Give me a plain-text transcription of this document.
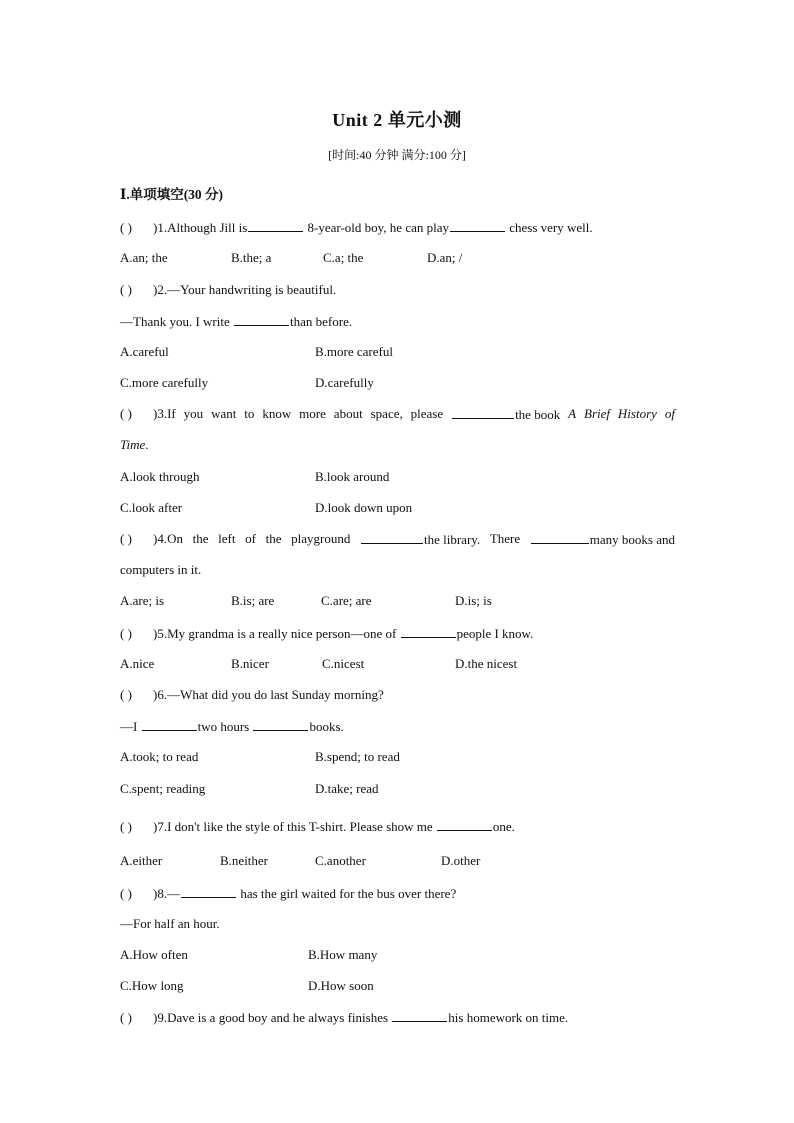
Unit 2 单元小测
[时间:40 分钟 满分:100 分]
Ⅰ.单项填空(30 分)
( ) )1.Although Jill is	8-year-old boy, he can play	chess very well.
A.an; the	B.the; a	C.a; the	D.an; /
( ) )2.—Your handwriting is beautiful.
—Thank you. I write	than before.
A.careful	B.more careful
C.more carefully	D.carefully
( ) )3.If you want to know more about space, please	the book A Brief History of
Time.
A.look through	B.look around
C.look after	D.look down upon
( ) )4.On the left of the playground	the library. There	many books and
computers in it.
A.are; is	B.is; are	C.are; are	D.is; is
( ) )5.My grandma is a really nice person—one of	people I know.
A.nice	B.nicer	C.nicest	D.the nicest
( ) )6.—What did you do last Sunday morning?
—I	two hours	books.
A.took; to read	B.spend; to read
C.spent; reading	D.take; read
( ) )7.I don't like the style of this T-shirt. Please show me	one.
A.either	B.neither	C.another	D.other
( ) )8.—	has the girl waited for the bus over there?
—For half an hour.
A.How often	B.How many
C.How long	D.How soon
( ) )9.Dave is a good boy and he always finishes	his homework on time.
